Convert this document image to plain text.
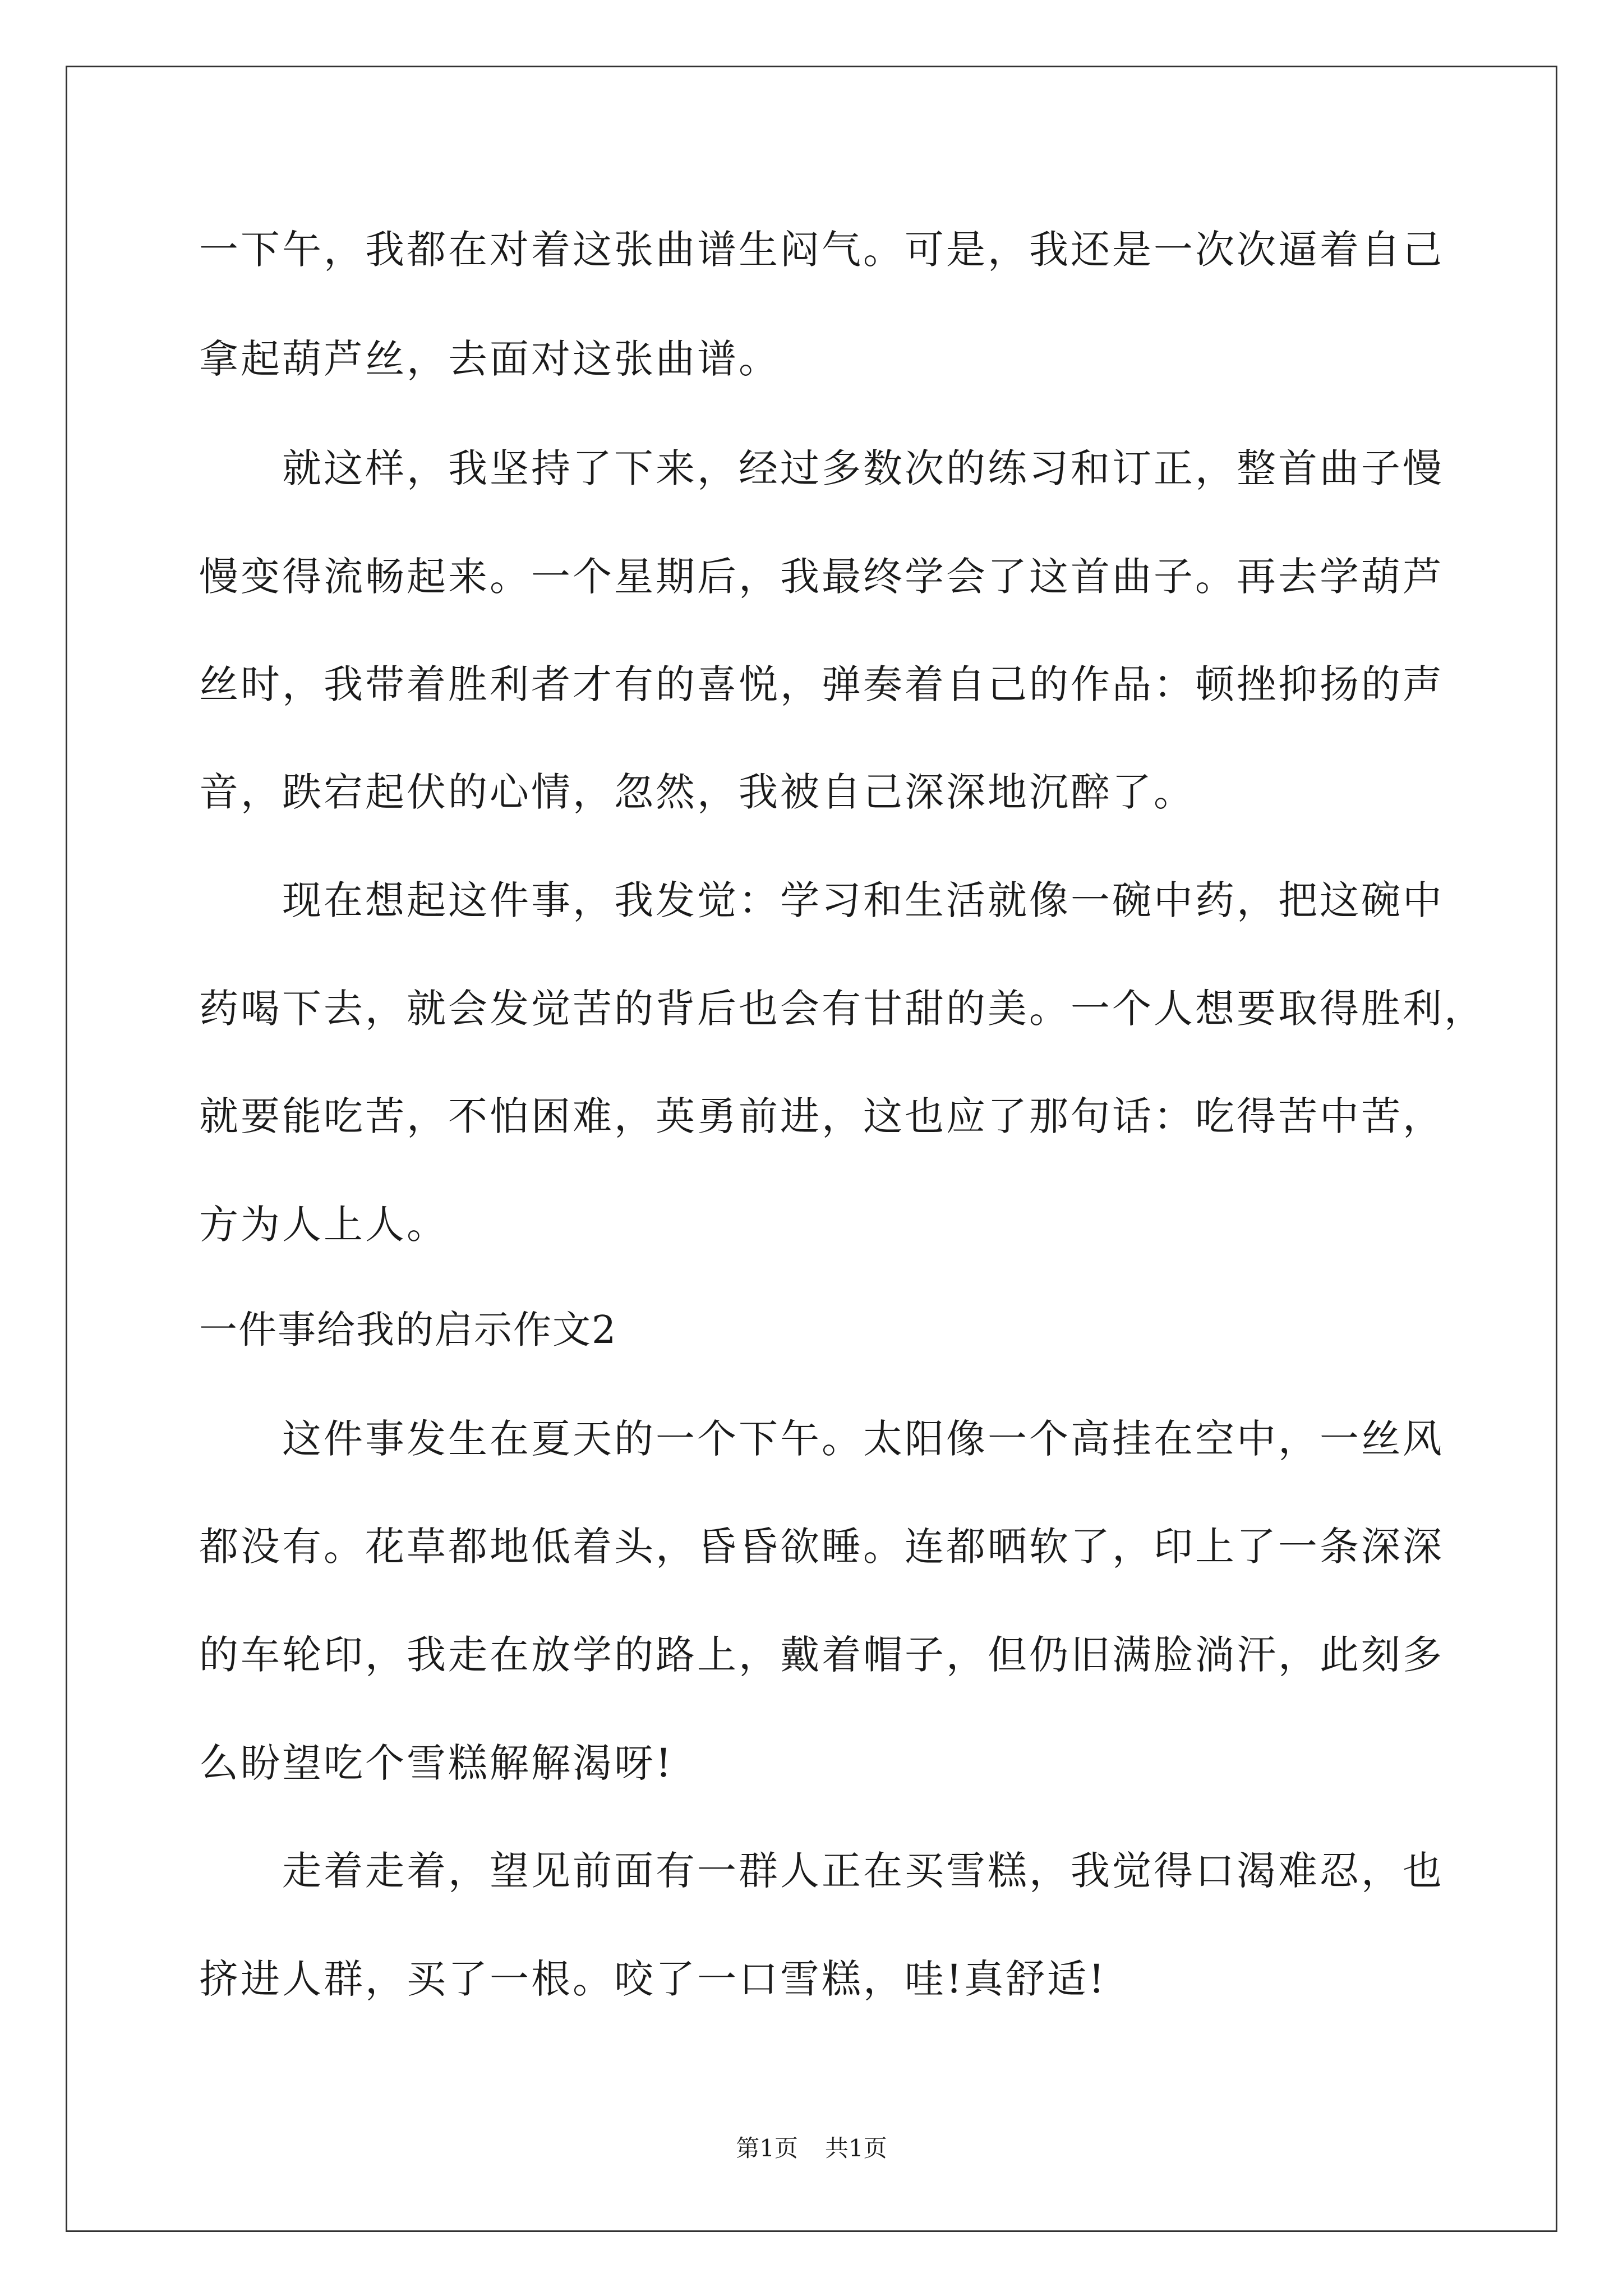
一下午，我都在对着这张曲谱生闷气。可是，我还是一次次逼着自己
拿起葫芦丝，去面对这张曲谱。
就这样，我坚持了下来，经过多数次的练习和订正，整首曲子慢
慢变得流畅起来。一个星期后，我最终学会了这首曲子。再去学葫芦
丝时，我带着胜利者才有的喜悦，弹奏着自己的作品：顿挫抑扬的声
音，跌宕起伏的心情，忽然，我被自己深深地沉醉了。
现在想起这件事，我发觉：学习和生活就像一碗中药，把这碗中
药喝下去，就会发觉苦的背后也会有甘甜的美。一个人想要取得胜利，
就要能吃苦，不怕困难，英勇前进，这也应了那句话：吃得苦中苦，
方为人上人。
一件事给我的启示作文2
这件事发生在夏天的一个下午。太阳像一个高挂在空中，一丝风
都没有。花草都地低着头，昏昏欲睡。连都晒软了，印上了一条深深
的车轮印，我走在放学的路上，戴着帽子，但仍旧满脸淌汗，此刻多
么盼望吃个雪糕解解渴呀!
走着走着，望见前面有一群人正在买雪糕，我觉得口渴难忍，也
挤进人群，买了一根。咬了一口雪糕，哇!真舒适!
第1页 共1页
